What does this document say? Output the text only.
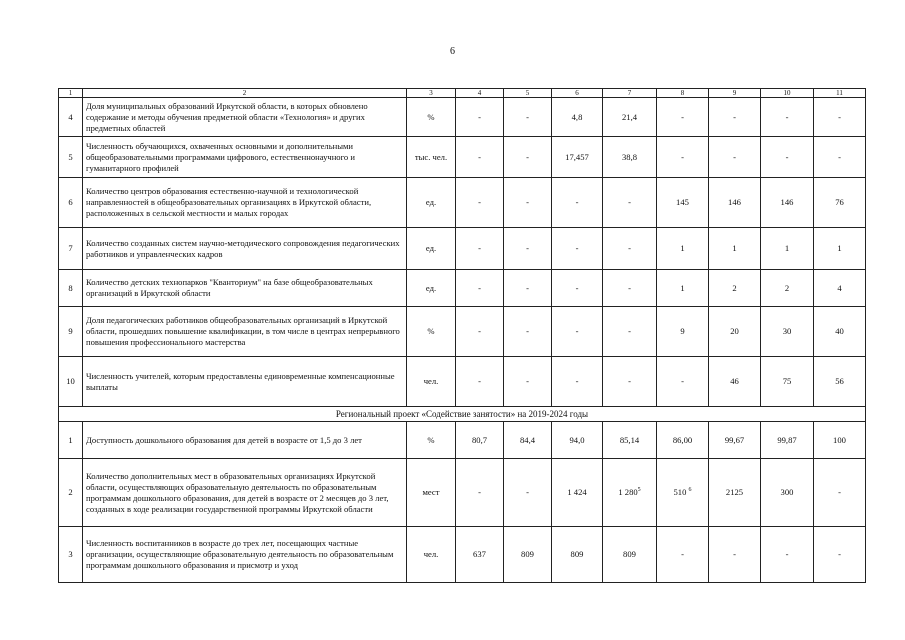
6
1	2	3	4	5	6	7	8	9	10	11
4	Доля муниципальных образований Иркутской области, в которых обновлено содержание и методы обучения предметной области «Технология» и других предметных областей	%	-	-	4,8	21,4	-	-	-	-
5	Численность обучающихся, охваченных основными и дополнительными общеобразовательными программами цифрового, естественнонаучного и гуманитарного профилей	тыс. чел.	-	-	17,457	38,8	-	-	-	-
6	Количество центров образования естественно-научной и технологической направленностей в общеобразовательных организациях в Иркутской области, расположенных в сельской местности и малых городах	ед.	-	-	-	-	145	146	146	76
7	Количество созданных систем научно-методического сопровождения педагогических работников и управленческих кадров	ед.	-	-	-	-	1	1	1	1
8	Количество детских технопарков "Кванториум" на базе общеобразовательных организаций в Иркутской области	ед.	-	-	-	-	1	2	2	4
9	Доля педагогических работников общеобразовательных организаций в Иркутской области, прошедших повышение квалификации, в том числе в центрах непрерывного повышения профессионального мастерства	%	-	-	-	-	9	20	30	40
10	Численность учителей, которым предоставлены единовременные компенсационные выплаты	чел.	-	-	-	-	-	46	75	56
Региональный проект «Содействие занятости» на 2019-2024 годы										
1	Доступность дошкольного образования для детей в возрасте от 1,5 до 3 лет	%	80,7	84,4	94,0	85,14	86,00	99,67	99,87	100
2	Количество дополнительных мест в образовательных организациях Иркутской области, осуществляющих образовательную деятельность по образовательным программам дошкольного образования, для детей в возрасте от 2 месяцев до 3 лет, созданных в ходе реализации государственной программы Иркутской области	мест	-	-	1 424	1 $280^5$	510 $^6$	2125	300	-
3	Численность воспитанников в возрасте до трех лет, посещающих частные организации, осуществляющие образовательную деятельность по образовательным программам дошкольного образования и присмотр и уход	чел.	637	809	809	809	-	-	-	-
